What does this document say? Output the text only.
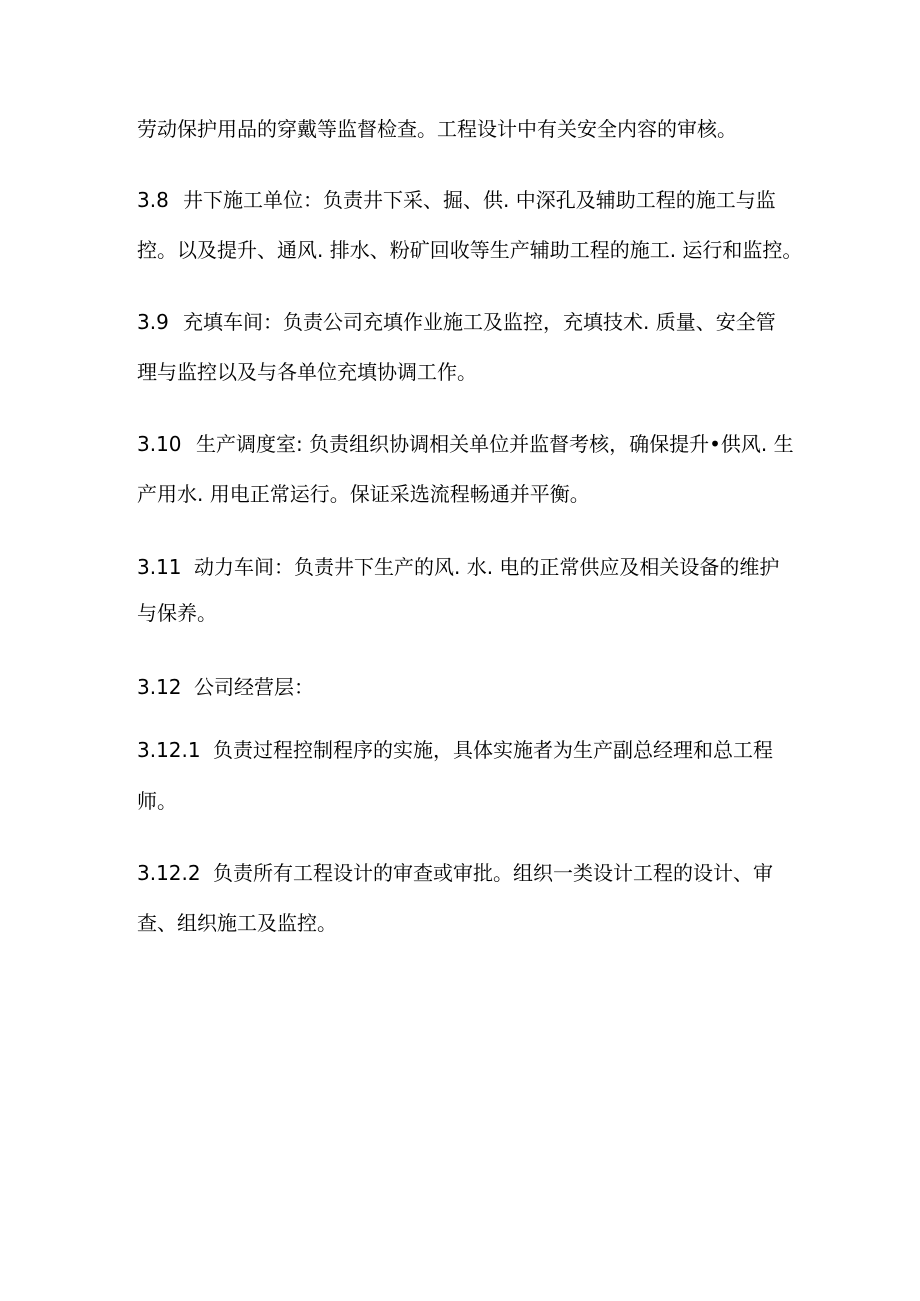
劳动保护用品的穿戴等监督检查。工程设计中有关安全内容的审核。
3.8 井下施工单位：负责井下采、掘、供. 中深孔及辅助工程的施工与监
控。以及提升、通风. 排水、粉矿回收等生产辅助工程的施工. 运行和监控。
3.9 充填车间：负责公司充填作业施工及监控，充填技术. 质量、安全管
理与监控以及与各单位充填协调工作。
3.10 生产调度室: 负责组织协调相关单位并监督考核，确保提升•供风. 生
产用水. 用电正常运行。保证采选流程畅通并平衡。
3.11 动力车间：负责井下生产的风. 水. 电的正常供应及相关设备的维护
与保养。
3.12 公司经营层：
3.12.1 负责过程控制程序的实施，具体实施者为生产副总经理和总工程
师。
3.12.2 负责所有工程设计的审查或审批。组织一类设计工程的设计、审
查、组织施工及监控。
